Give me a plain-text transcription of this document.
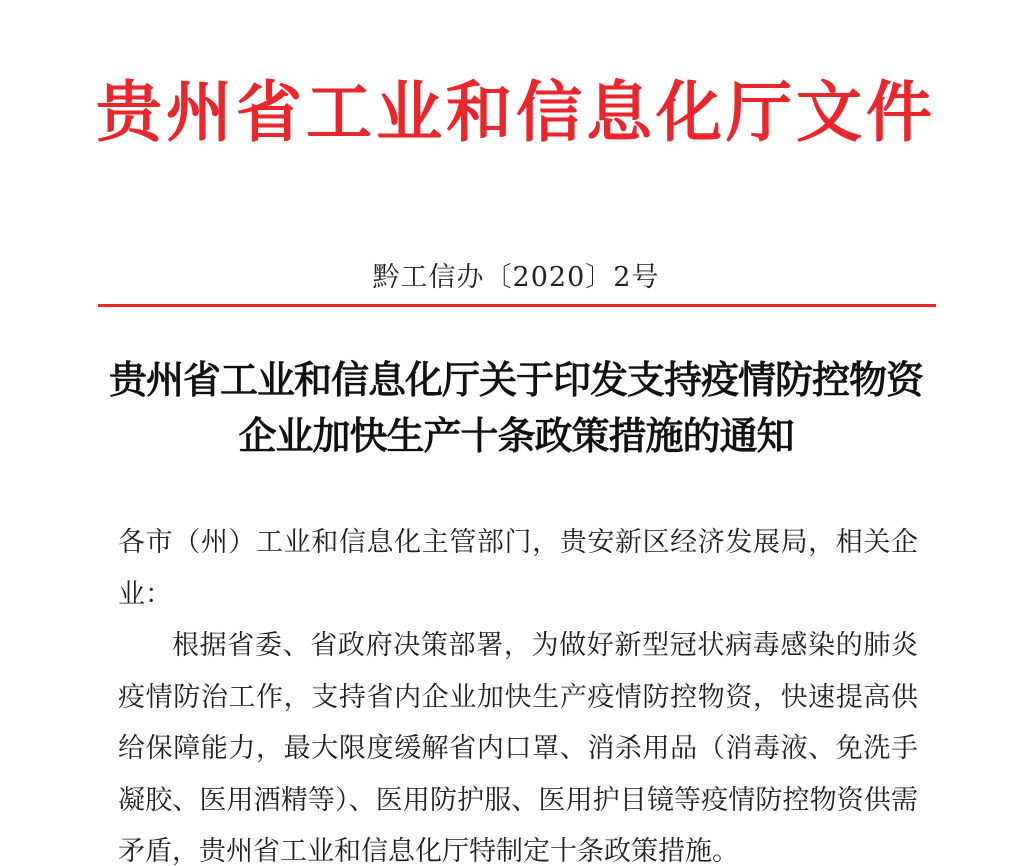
贵州省工业和信息化厅文件
黔工信办〔2020〕2号
贵州省工业和信息化厅关于印发支持疫情防控物资
企业加快生产十条政策措施的通知

各市（州）工业和信息化主管部门，贵安新区经济发展局，相关企业：

根据省委、省政府决策部署，为做好新型冠状病毒感染的肺炎疫情防治工作，支持省内企业加快生产疫情防控物资，快速提高供给保障能力，最大限度缓解省内口罩、消杀用品（消毒液、免洗手凝胶、医用酒精等）、医用防护服、医用护目镜等疫情防控物资供需矛盾，贵州省工业和信息化厅特制定十条政策措施。
